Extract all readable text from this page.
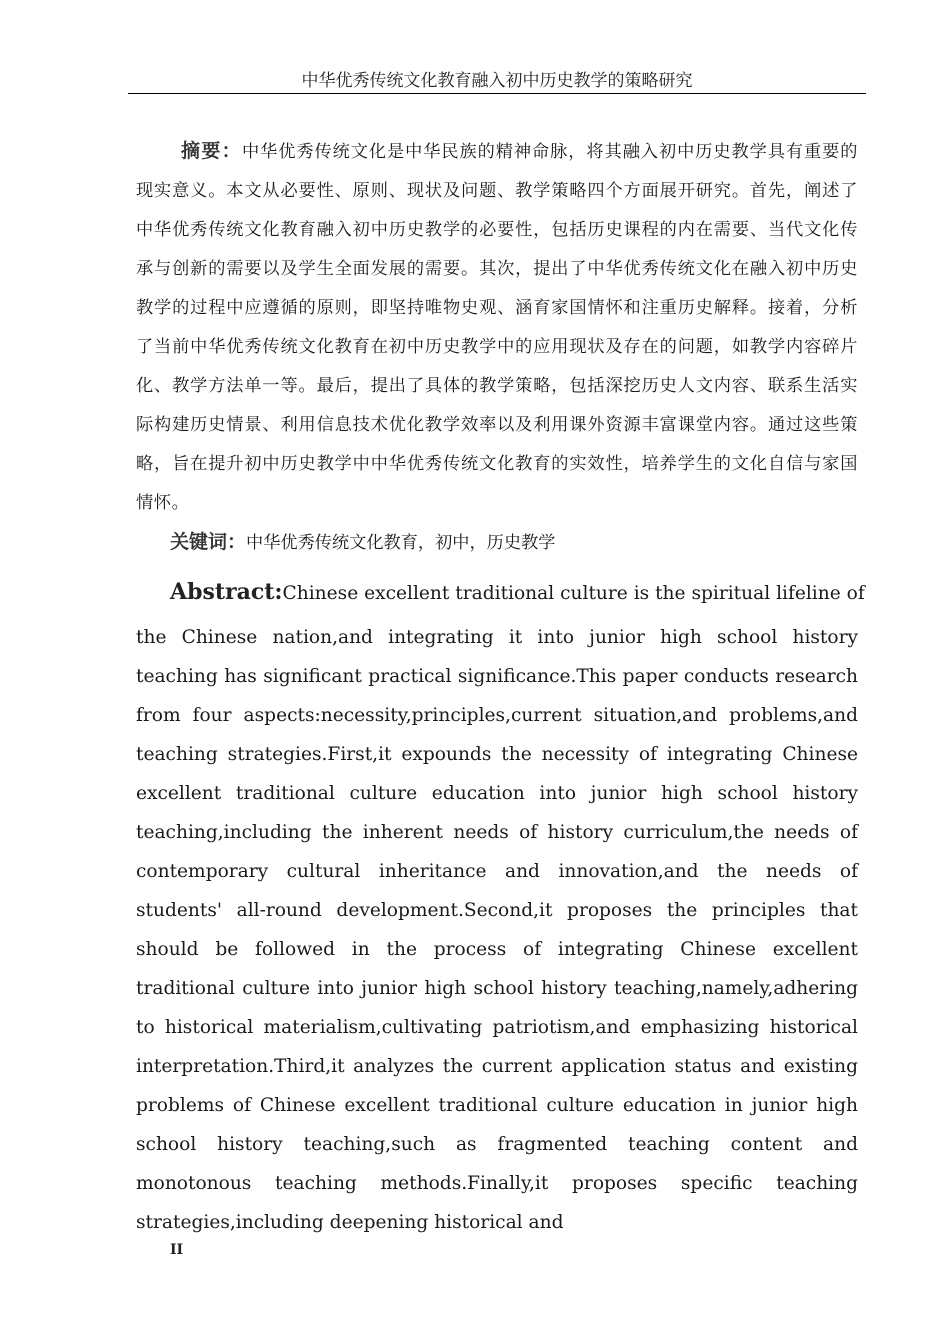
中华优秀传统文化教育融入初中历史教学的策略研究

摘要：中华优秀传统文化是中华民族的精神命脉，将其融入初中历史教学具有重要的现实意义。本文从必要性、原则、现状及问题、教学策略四个方面展开研究。首先，阐述了中华优秀传统文化教育融入初中历史教学的必要性，包括历史课程的内在需要、当代文化传承与创新的需要以及学生全面发展的需要。其次，提出了中华优秀传统文化在融入初中历史教学的过程中应遵循的原则，即坚持唯物史观、涵育家国情怀和注重历史解释。接着，分析了当前中华优秀传统文化教育在初中历史教学中的应用现状及存在的问题，如教学内容碎片化、教学方法单一等。最后，提出了具体的教学策略，包括深挖历史人文内容、联系生活实际构建历史情景、利用信息技术优化教学效率以及利用课外资源丰富课堂内容。通过这些策略，旨在提升初中历史教学中中华优秀传统文化教育的实效性，培养学生的文化自信与家国情怀。

关键词：中华优秀传统文化教育，初中，历史教学

Abstract:Chinese excellent traditional culture is the spiritual lifeline of

the Chinese nation,and integrating it into junior high school history teaching has significant practical significance.This paper conducts research from four aspects:necessity,principles,current situation,and problems,and teaching strategies.First,it expounds the necessity of integrating Chinese excellent traditional culture education into junior high school history teaching,including the inherent needs of history curriculum,the needs of contemporary cultural inheritance and innovation,and the needs of students' all-round development.Second,it proposes the principles that should be followed in the process of integrating Chinese excellent traditional culture into junior high school history teaching,namely,adhering to historical materialism,cultivating patriotism,and emphasizing historical interpretation.Third,it analyzes the current application status and existing problems of Chinese excellent traditional culture education in junior high school history teaching,such as fragmented teaching content and monotonous teaching methods.Finally,it proposes specific teaching strategies,including deepening historical and

II
